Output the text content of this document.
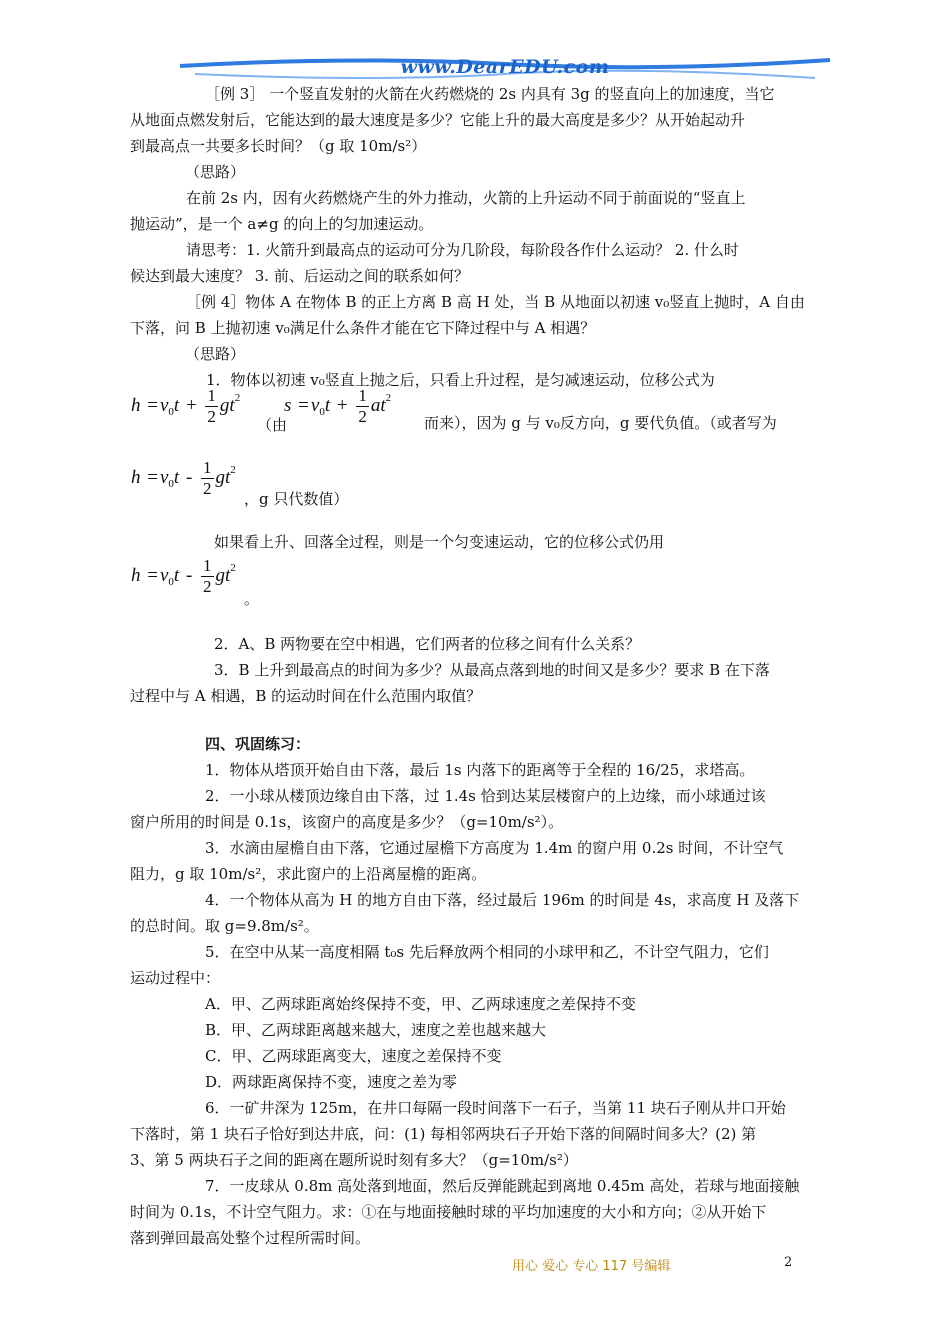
www.DearEDU.com
［例 3］ 一个竖直发射的火箭在火药燃烧的 2s 内具有 3g 的竖直向上的加速度，当它
从地面点燃发射后，它能达到的最大速度是多少？它能上升的最大高度是多少？从开始起动升
到最高点一共要多长时间？（g 取 10m/s²）
（思路）
在前 2s 内，因有火药燃烧产生的外力推动，火箭的上升运动不同于前面说的“竖直上
抛运动”，是一个 a≠g 的向上的匀加速运动。
请思考：1. 火箭升到最高点的运动可分为几阶段，每阶段各作什么运动？ 2. 什么时
候达到最大速度？ 3. 前、后运动之间的联系如何？
［例 4］物体 A 在物体 B 的正上方离 B 高 H 处，当 B 从地面以初速 v₀竖直上抛时，A 自由
下落，问 B 上抛初速 v₀满足什么条件才能在它下降过程中与 A 相遇？
（思路）
1．物体以初速 v₀竖直上抛之后，只看上升过程，是匀减速运动，位移公式为
$h = v_0t + \frac{1}{2} gt^2$
（由
$s = v_0t + \frac{1}{2} at^2$
而来），因为 g 与 v₀反方向，g 要代负值。（或者写为
$h = v_0t - \frac{1}{2} gt^2$
，g 只代数值）
如果看上升、回落全过程，则是一个匀变速运动，它的位移公式仍用
$h = v_0t - \frac{1}{2} gt^2$
。
2．A、B 两物要在空中相遇，它们两者的位移之间有什么关系？
3．B 上升到最高点的时间为多少？从最高点落到地的时间又是多少？要求 B 在下落
过程中与 A 相遇，B 的运动时间在什么范围内取值？
四、巩固练习：
1．物体从塔顶开始自由下落，最后 1s 内落下的距离等于全程的 16/25，求塔高。
2．一小球从楼顶边缘自由下落，过 1.4s 恰到达某层楼窗户的上边缘，而小球通过该
窗户所用的时间是 0.1s，该窗户的高度是多少？（g=10m/s²）。
3．水滴由屋檐自由下落，它通过屋檐下方高度为 1.4m 的窗户用 0.2s 时间，不计空气
阻力，g 取 10m/s²，求此窗户的上沿离屋檐的距离。
4．一个物体从高为 H 的地方自由下落，经过最后 196m 的时间是 4s，求高度 H 及落下
的总时间。取 g=9.8m/s²。
5．在空中从某一高度相隔 t₀s 先后释放两个相同的小球甲和乙，不计空气阻力，它们
运动过程中：
A．甲、乙两球距离始终保持不变，甲、乙两球速度之差保持不变
B．甲、乙两球距离越来越大，速度之差也越来越大
C．甲、乙两球距离变大，速度之差保持不变
D．两球距离保持不变，速度之差为零
6．一矿井深为 125m，在井口每隔一段时间落下一石子，当第 11 块石子刚从井口开始
下落时，第 1 块石子恰好到达井底，问：(1) 每相邻两块石子开始下落的间隔时间多大？(2) 第
3、第 5 两块石子之间的距离在题所说时刻有多大？（g=10m/s²）
7．一皮球从 0.8m 高处落到地面，然后反弹能跳起到离地 0.45m 高处，若球与地面接触
时间为 0.1s，不计空气阻力。求：①在与地面接触时球的平均加速度的大小和方向；②从开始下
落到弹回最高处整个过程所需时间。
用心 爱心 专心 117 号编辑	2
